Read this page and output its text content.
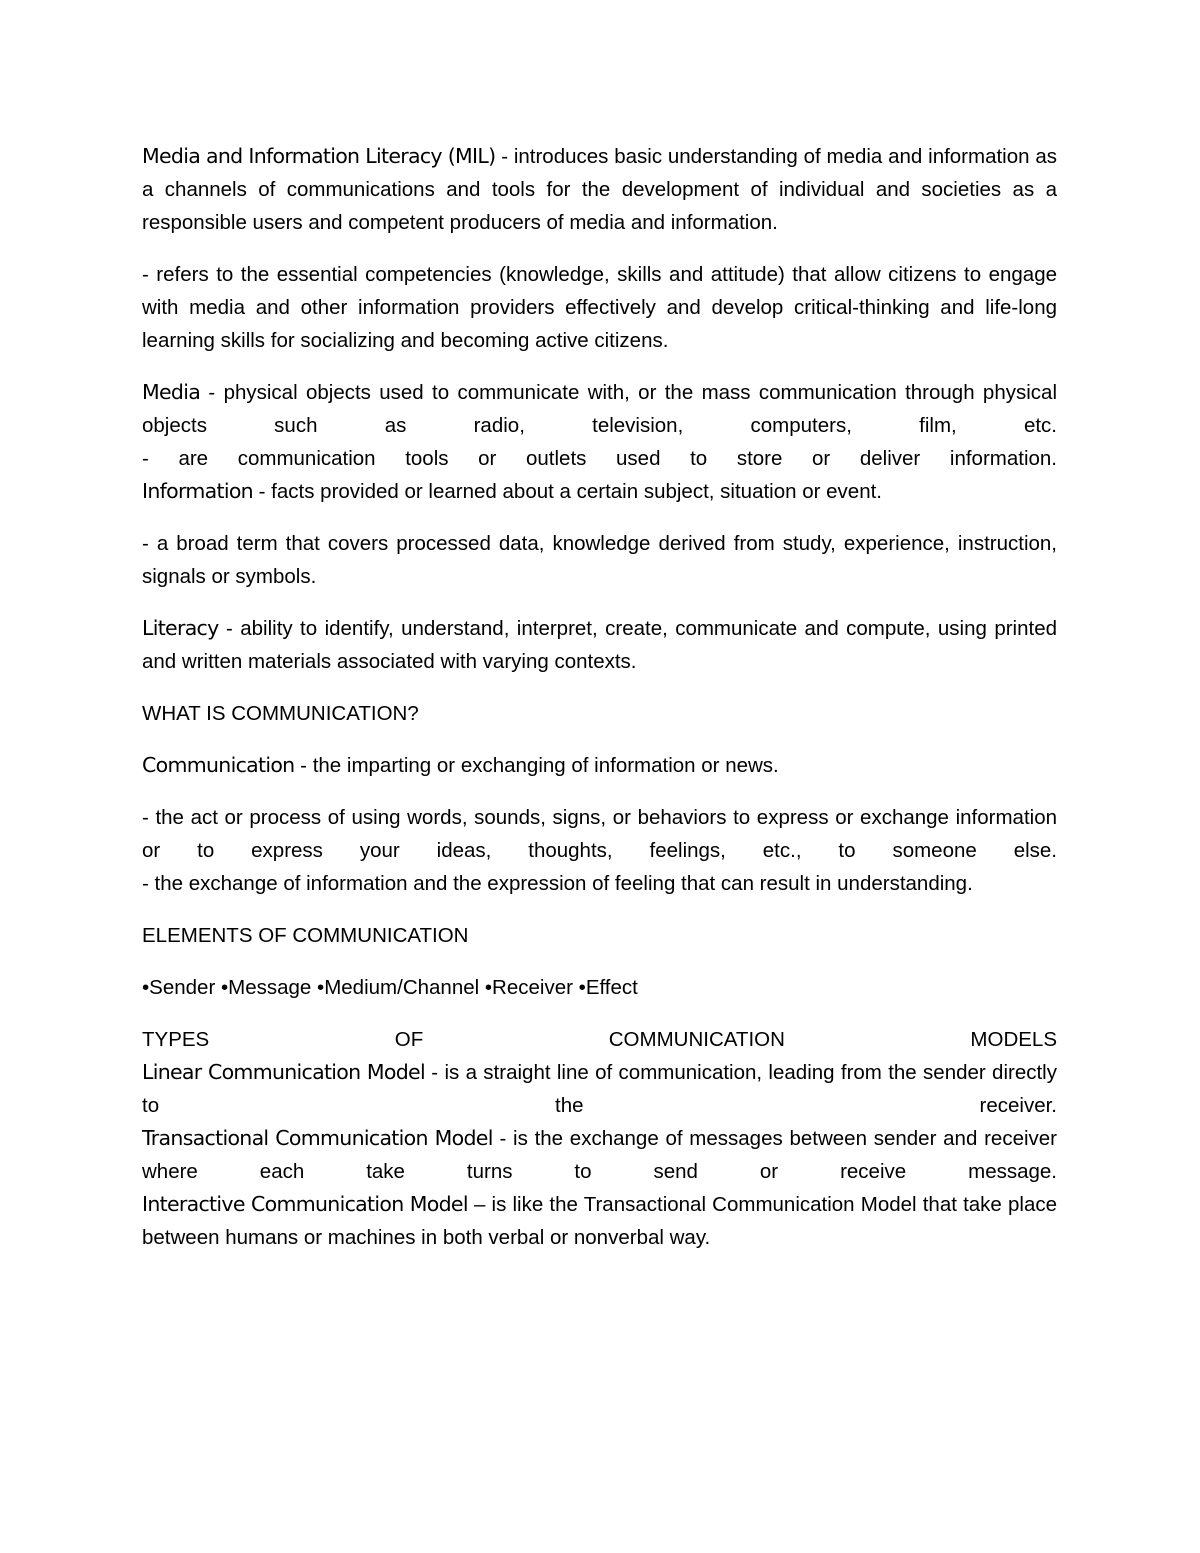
Media and Information Literacy (MIL) - introduces basic understanding of media and information as a channels of communications and tools for the development of individual and societies as a responsible users and competent producers of media and information.

- refers to the essential competencies (knowledge, skills and attitude) that allow citizens to engage with media and other information providers effectively and develop critical-thinking and life-long learning skills for socializing and becoming active citizens.

Media - physical objects used to communicate with, or the mass communication through physical objects such as radio, television, computers, film, etc.
- are communication tools or outlets used to store or deliver information.
Information - facts provided or learned about a certain subject, situation or event.

- a broad term that covers processed data, knowledge derived from study, experience, instruction, signals or symbols.

Literacy - ability to identify, understand, interpret, create, communicate and compute, using printed and written materials associated with varying contexts.

WHAT IS COMMUNICATION?

Communication - the imparting or exchanging of information or news.

- the act or process of using words, sounds, signs, or behaviors to express or exchange information or to express your ideas, thoughts, feelings, etc., to someone else.
- the exchange of information and the expression of feeling that can result in understanding.

ELEMENTS OF COMMUNICATION

•Sender •Message •Medium/Channel •Receiver •Effect

TYPES OF COMMUNICATION MODELS
Linear Communication Model - is a straight line of communication, leading from the sender directly to the receiver.
Transactional Communication Model - is the exchange of messages between sender and receiver where each take turns to send or receive message.
Interactive Communication Model – is like the Transactional Communication Model that take place between humans or machines in both verbal or nonverbal way.
